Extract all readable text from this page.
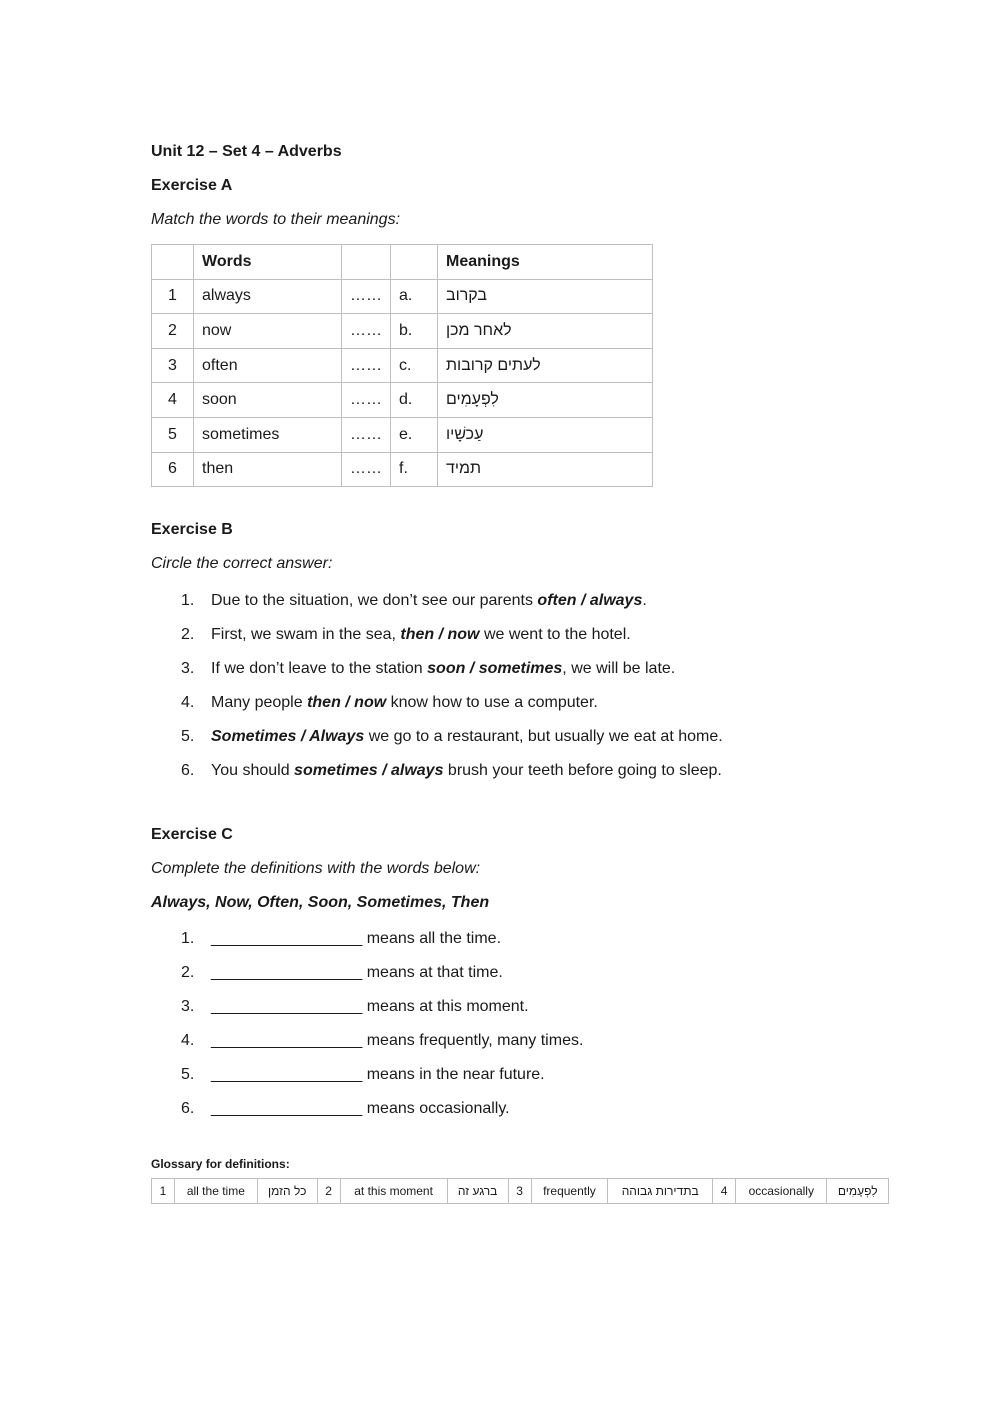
Unit 12 – Set 4 – Adverbs
Exercise A
Match the words to their meanings:
	Words			Meanings
1	always	……	a.	בקרוב
2	now	……	b.	לאחר מכן
3	often	……	c.	לעתים קרובות
4	soon	……	d.	לִפְעָמִים
5	sometimes	……	e.	עַכשָׁיו
6	then	……	f.	תמיד
Exercise B
Circle the correct answer:
1.	Due to the situation, we don’t see our parents often / always.
2.	First, we swam in the sea, then / now we went to the hotel.
3.	If we don’t leave to the station soon / sometimes, we will be late.
4.	Many people then / now know how to use a computer.
5.	Sometimes / Always we go to a restaurant, but usually we eat at home.
6.	You should sometimes / always brush your teeth before going to sleep.
Exercise C
Complete the definitions with the words below:
Always, Now, Often, Soon, Sometimes, Then
1.	_________________ means all the time.
2.	_________________ means at that time.
3.	_________________ means at this moment.
4.	_________________ means frequently, many times.
5.	_________________ means in the near future.
6.	_________________ means occasionally.
Glossary for definitions:
1	all the time	כל הזמן	2	at this moment	ברגע זה	3	frequently	בתדירות גבוהה	4	occasionally	לִפְעָמִים
